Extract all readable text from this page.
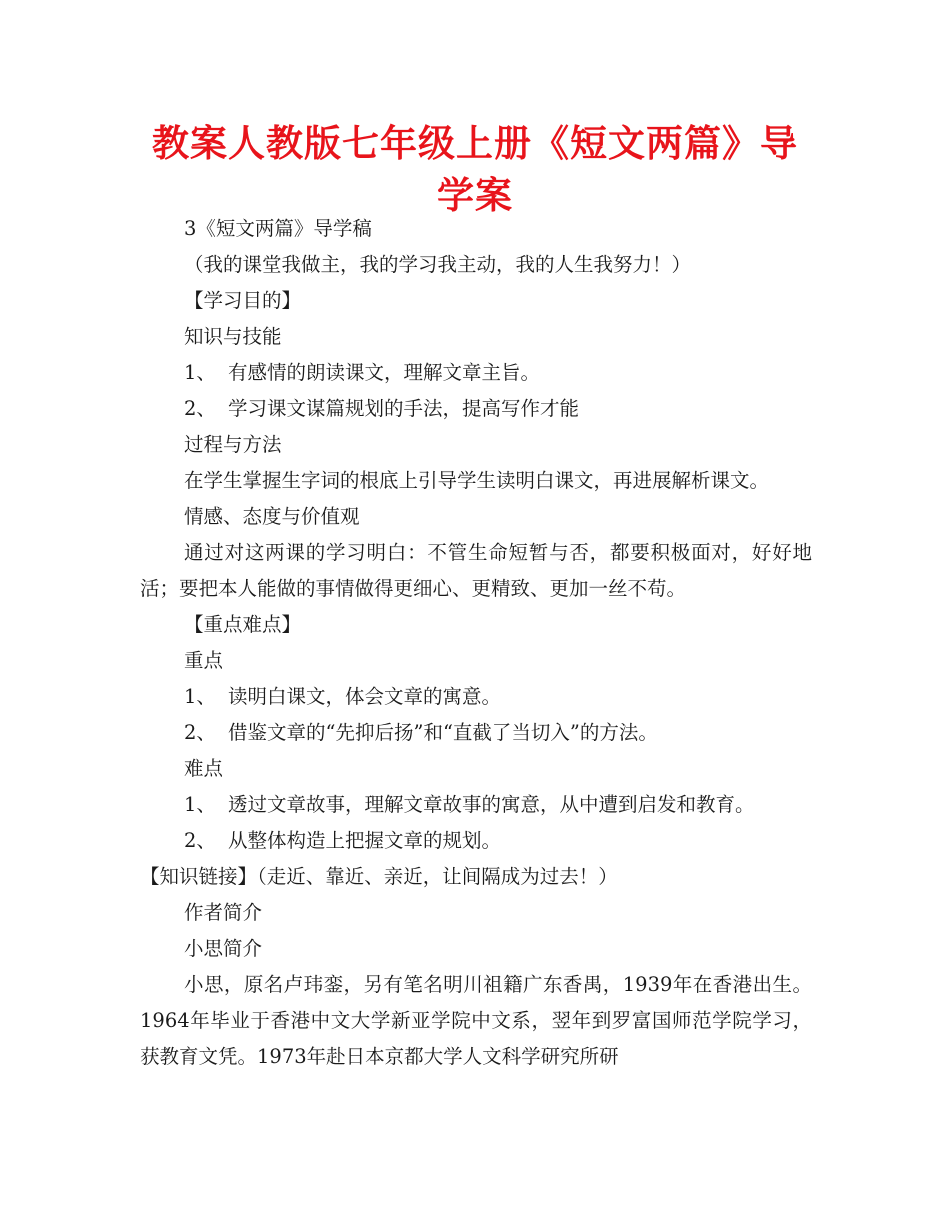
教案人教版七年级上册《短文两篇》导学案

3《短文两篇》导学稿

（我的课堂我做主，我的学习我主动，我的人生我努力！）

【学习目的】

知识与技能

1、 有感情的朗读课文，理解文章主旨。

2、 学习课文谋篇规划的手法，提高写作才能

过程与方法

在学生掌握生字词的根底上引导学生读明白课文，再进展解析课文。

情感、态度与价值观

通过对这两课的学习明白：不管生命短暂与否，都要积极面对，好好地活；要把本人能做的事情做得更细心、更精致、更加一丝不苟。

【重点难点】

重点

1、 读明白课文，体会文章的寓意。

2、 借鉴文章的“先抑后扬”和“直截了当切入”的方法。

难点

1、 透过文章故事，理解文章故事的寓意，从中遭到启发和教育。

2、 从整体构造上把握文章的规划。

【知识链接】（走近、靠近、亲近，让间隔成为过去！）

作者简介

小思简介

小思，原名卢玮銮，另有笔名明川祖籍广东香禺，1939年在香港出生。1964年毕业于香港中文大学新亚学院中文系，翌年到罗富国师范学院学习，获教育文凭。1973年赴日本京都大学人文科学研究所研
